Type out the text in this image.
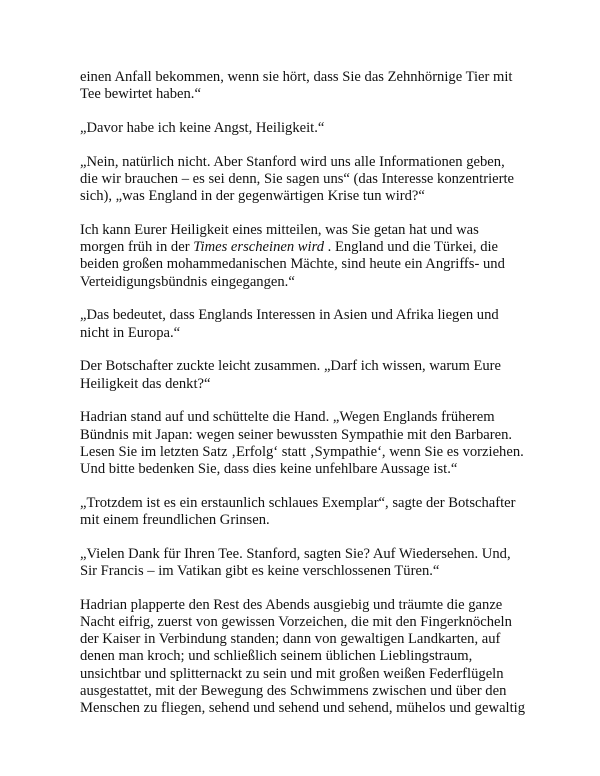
einen Anfall bekommen, wenn sie hört, dass Sie das Zehnhörnige Tier mit
Tee bewirtet haben.“

„Davor habe ich keine Angst, Heiligkeit.“

„Nein, natürlich nicht. Aber Stanford wird uns alle Informationen geben,
die wir brauchen – es sei denn, Sie sagen uns“ (das Interesse konzentrierte
sich), „was England in der gegenwärtigen Krise tun wird?“

Ich kann Eurer Heiligkeit eines mitteilen, was Sie getan hat und was
morgen früh in der Times erscheinen wird . England und die Türkei, die
beiden großen mohammedanischen Mächte, sind heute ein Angriffs- und
Verteidigungsbündnis eingegangen.“

„Das bedeutet, dass Englands Interessen in Asien und Afrika liegen und
nicht in Europa.“

Der Botschafter zuckte leicht zusammen. „Darf ich wissen, warum Eure
Heiligkeit das denkt?“

Hadrian stand auf und schüttelte die Hand. „Wegen Englands früherem
Bündnis mit Japan: wegen seiner bewussten Sympathie mit den Barbaren.
Lesen Sie im letzten Satz ‚Erfolg‘ statt ‚Sympathie‘, wenn Sie es vorziehen.
Und bitte bedenken Sie, dass dies keine unfehlbare Aussage ist.“

„Trotzdem ist es ein erstaunlich schlaues Exemplar“, sagte der Botschafter
mit einem freundlichen Grinsen.

„Vielen Dank für Ihren Tee. Stanford, sagten Sie? Auf Wiedersehen. Und,
Sir Francis – im Vatikan gibt es keine verschlossenen Türen.“

Hadrian plapperte den Rest des Abends ausgiebig und träumte die ganze
Nacht eifrig, zuerst von gewissen Vorzeichen, die mit den Fingerknöcheln
der Kaiser in Verbindung standen; dann von gewaltigen Landkarten, auf
denen man kroch; und schließlich seinem üblichen Lieblingstraum,
unsichtbar und splitternackt zu sein und mit großen weißen Federflügeln
ausgestattet, mit der Bewegung des Schwimmens zwischen und über den
Menschen zu fliegen, sehend und sehend und sehend, mühelos und gewaltig
